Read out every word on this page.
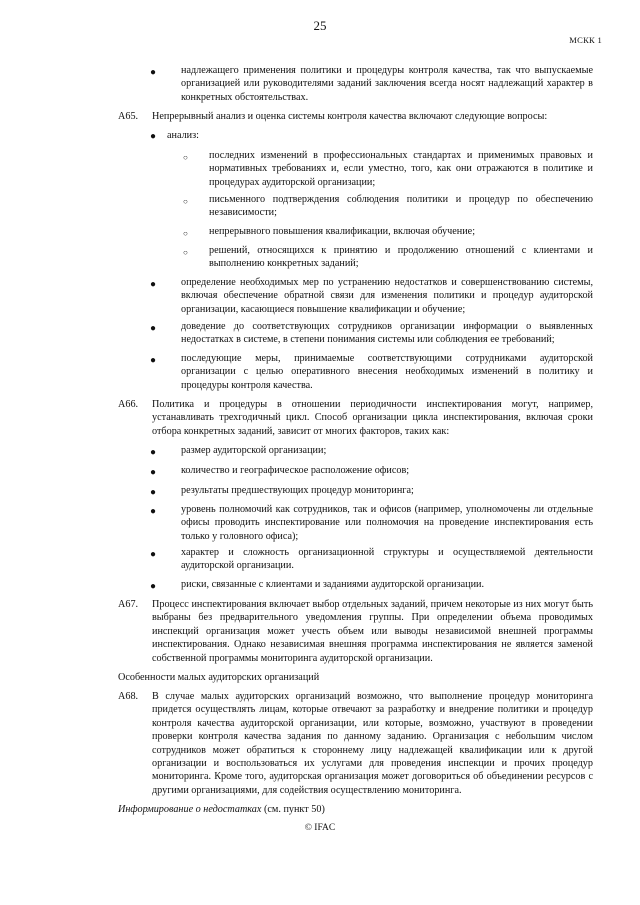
25
МСКК 1
● надлежащего применения политики и процедуры контроля качества, так что выпускаемые организацией или руководителями заданий заключения всегда носят надлежащий характер в конкретных обстоятельствах.
A65. Непрерывный анализ и оценка системы контроля качества включают следующие вопросы:
● анализ:
○ последних изменений в профессиональных стандартах и применимых правовых и нормативных требованиях и, если уместно, того, как они отражаются в политике и процедурах аудиторской организации;
○ письменного подтверждения соблюдения политики и процедур по обеспечению независимости;
○ непрерывного повышения квалификации, включая обучение;
○ решений, относящихся к принятию и продолжению отношений с клиентами и выполнению конкретных заданий;
● определение необходимых мер по устранению недостатков и совершенствованию системы, включая обеспечение обратной связи для изменения политики и процедур аудиторской организации, касающиеся повышение квалификации и обучение;
● доведение до соответствующих сотрудников организации информации о выявленных недостатках в системе, в степени понимания системы или соблюдения ее требований;
● последующие меры, принимаемые соответствующими сотрудниками аудиторской организации с целью оперативного внесения необходимых изменений в политику и процедуры контроля качества.
A66. Политика и процедуры в отношении периодичности инспектирования могут, например, устанавливать трехгодичный цикл. Способ организации цикла инспектирования, включая сроки отбора конкретных заданий, зависит от многих факторов, таких как:
● размер аудиторской организации;
● количество и географическое расположение офисов;
● результаты предшествующих процедур мониторинга;
● уровень полномочий как сотрудников, так и офисов (например, уполномочены ли отдельные офисы проводить инспектирование или полномочия на проведение инспектирования есть только у головного офиса);
● характер и сложность организационной структуры и осуществляемой деятельности аудиторской организации.
● риски, связанные с клиентами и заданиями аудиторской организации.
A67. Процесс инспектирования включает выбор отдельных заданий, причем некоторые из них могут быть выбраны без предварительного уведомления группы. При определении объема проводимых инспекций организация может учесть объем или выводы независимой внешней программы инспектирования. Однако независимая внешняя программа инспектирования не является заменой собственной программы мониторинга аудиторской организации.
Особенности малых аудиторских организаций
A68. В случае малых аудиторских организаций возможно, что выполнение процедур мониторинга придется осуществлять лицам, которые отвечают за разработку и внедрение политики и процедур контроля качества аудиторской организации, или которые, возможно, участвуют в проведении проверки контроля качества задания по данному заданию. Организация с небольшим числом сотрудников может обратиться к стороннему лицу надлежащей квалификации или к другой организации и воспользоваться их услугами для проведения инспекции и прочих процедур мониторинга. Кроме того, аудиторская организация может договориться об объединении ресурсов с другими организациями, для содействия осуществлению мониторинга.
Информирование о недостатках (см. пункт 50)
© IFAC
